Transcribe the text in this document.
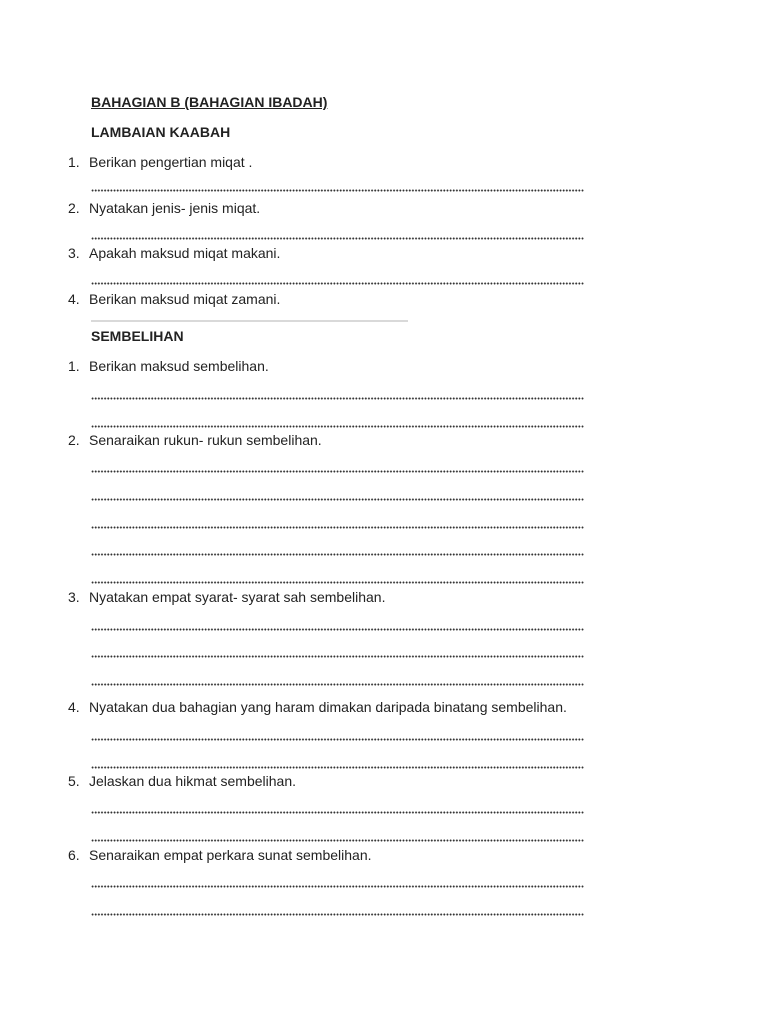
BAHAGIAN B (BAHAGIAN IBADAH)
LAMBAIAN KAABAH
1. Berikan pengertian miqat .
2. Nyatakan jenis- jenis miqat.
3. Apakah maksud miqat makani.
4. Berikan maksud miqat zamani.
SEMBELIHAN
1. Berikan maksud sembelihan.
2. Senaraikan rukun- rukun sembelihan.
3. Nyatakan empat syarat- syarat sah sembelihan.
4. Nyatakan dua bahagian yang haram dimakan daripada binatang sembelihan.
5. Jelaskan dua hikmat sembelihan.
6. Senaraikan empat perkara sunat sembelihan.
